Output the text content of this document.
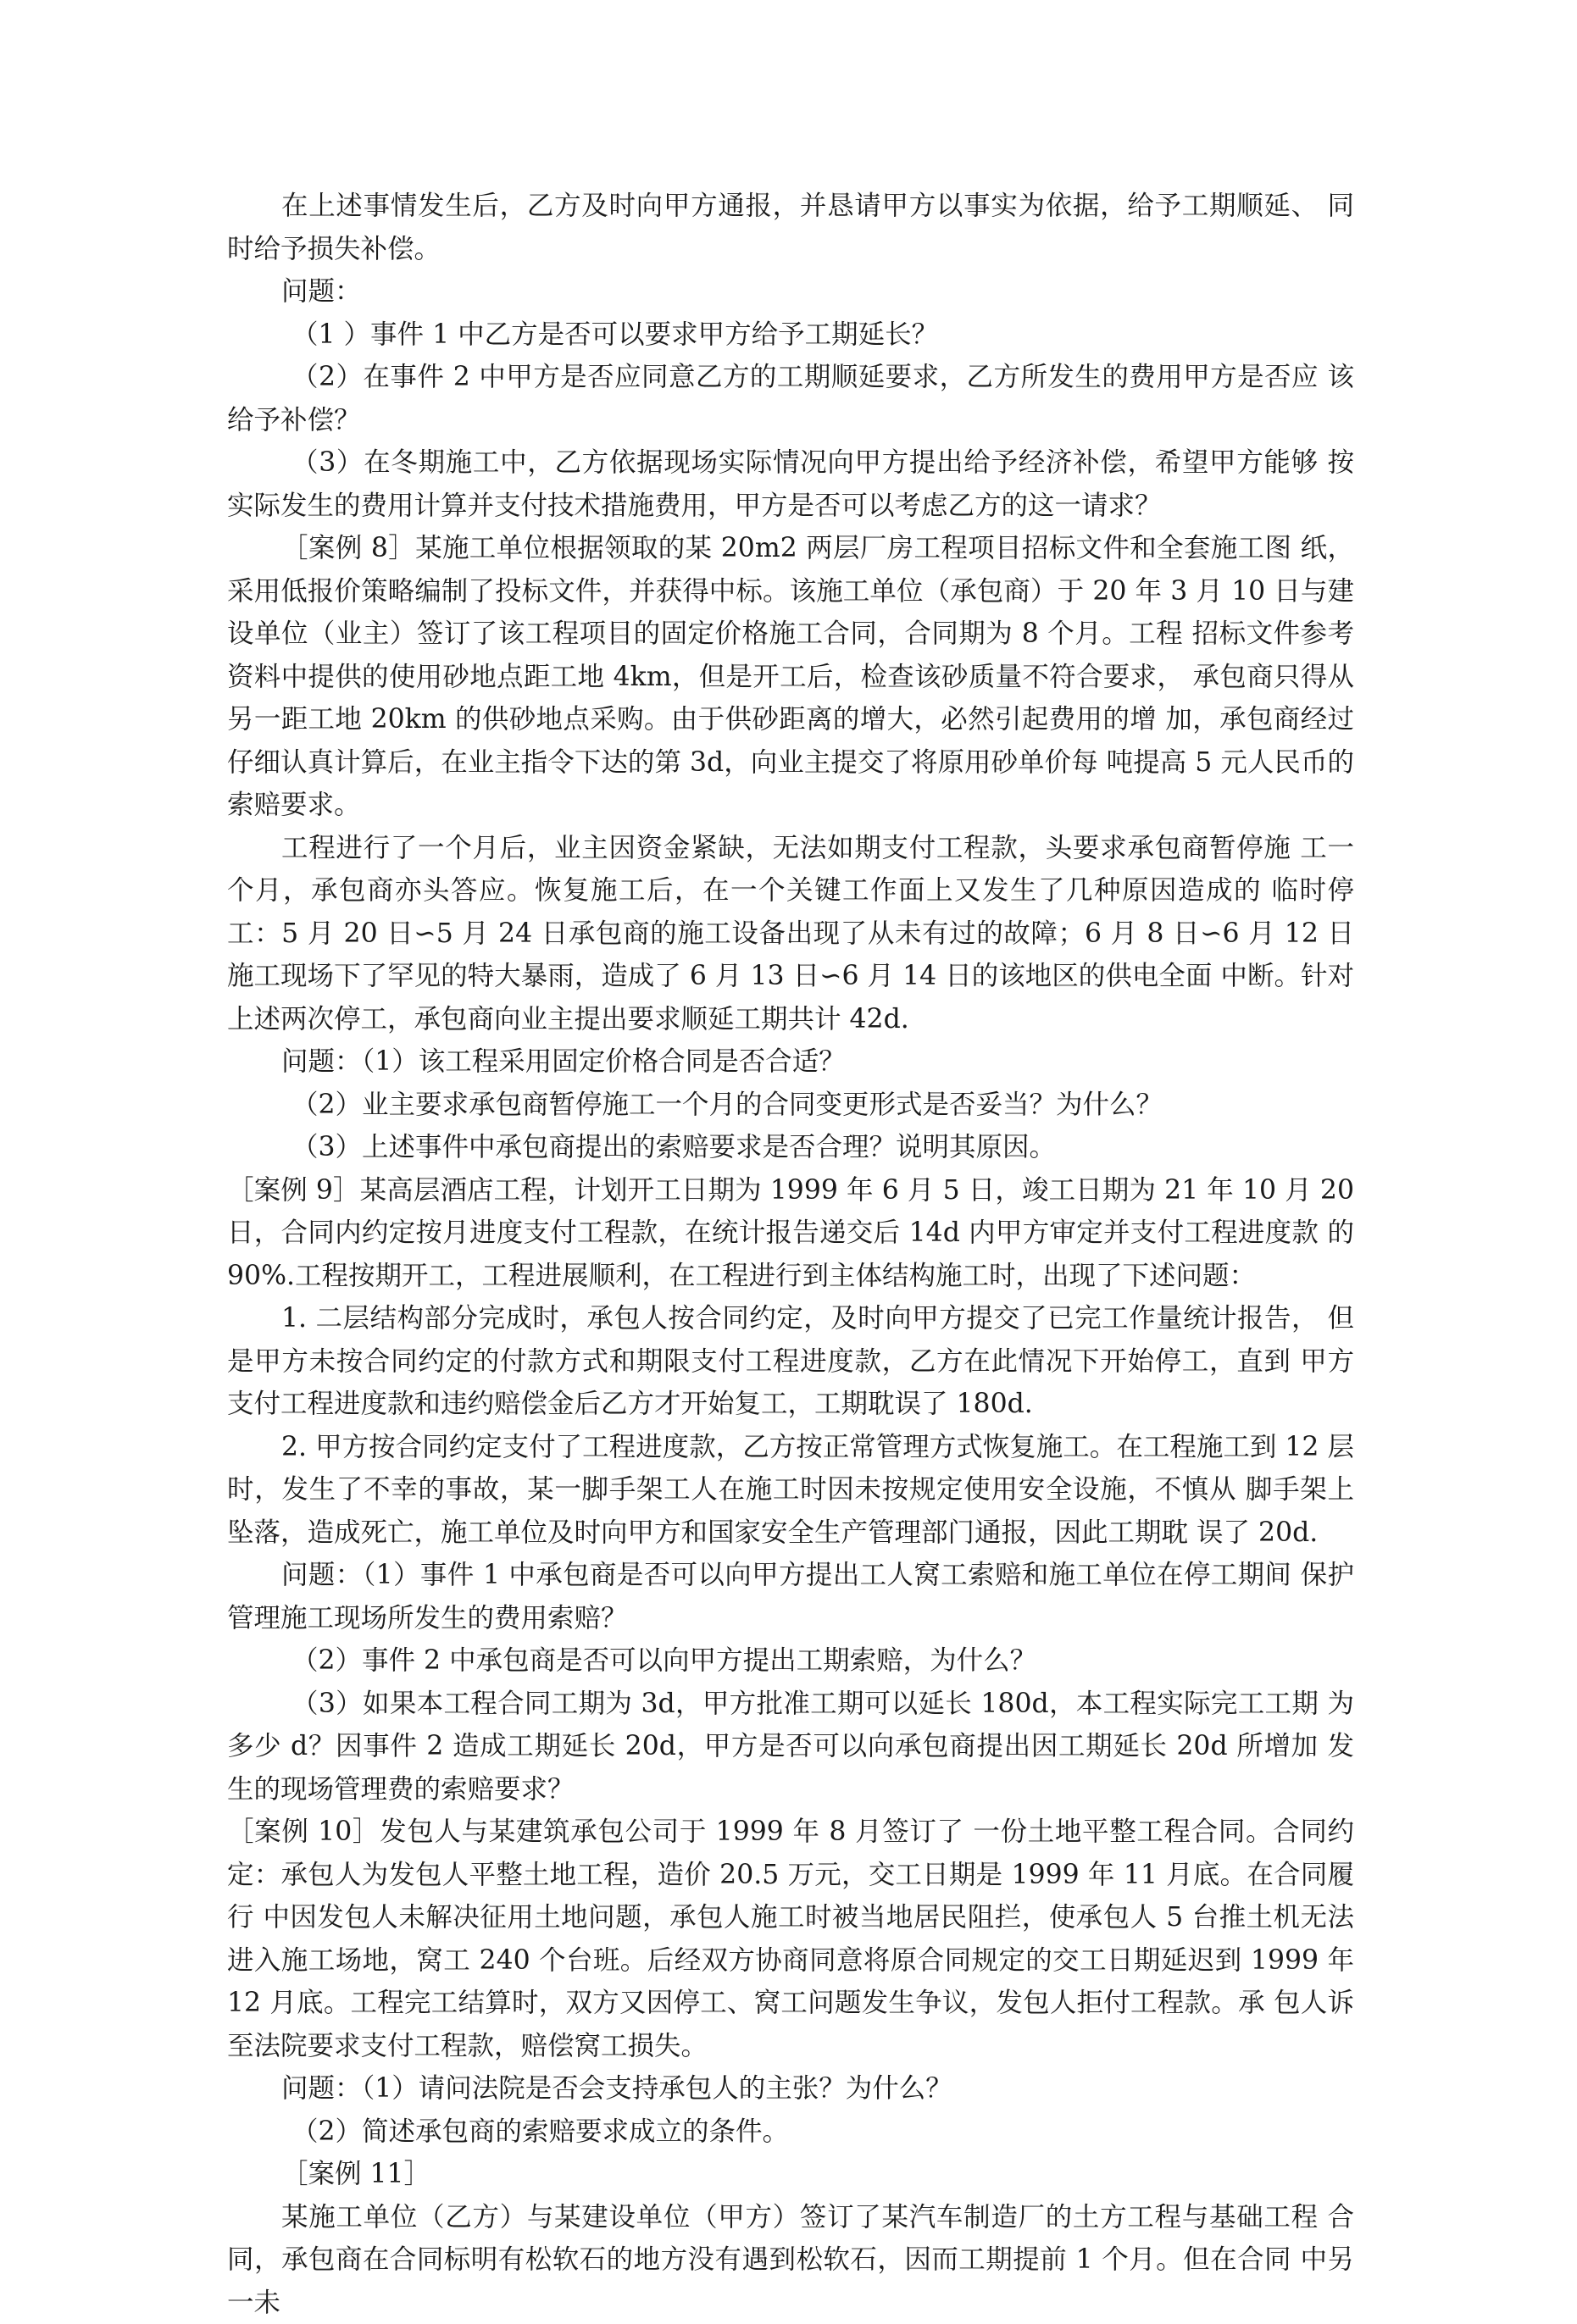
在上述事情发生后，乙方及时向甲方通报，并恳请甲方以事实为依据，给予工期顺延、 同时给予损失补偿。

问题：

（1 ）事件 1 中乙方是否可以要求甲方给予工期延长？

（2）在事件 2 中甲方是否应同意乙方的工期顺延要求，乙方所发生的费用甲方是否应 该给予补偿？

（3）在冬期施工中，乙方依据现场实际情况向甲方提出给予经济补偿，希望甲方能够 按实际发生的费用计算并支付技术措施费用，甲方是否可以考虑乙方的这一请求？

［案例 8］某施工单位根据领取的某 20m2 两层厂房工程项目招标文件和全套施工图 纸，采用低报价策略编制了投标文件，并获得中标。该施工单位（承包商）于 20 年 3 月 10 日与建设单位（业主）签订了该工程项目的固定价格施工合同，合同期为 8 个月。工程 招标文件参考资料中提供的使用砂地点距工地 4km，但是开工后，检查该砂质量不符合要求， 承包商只得从另一距工地 20km 的供砂地点采购。由于供砂距离的增大，必然引起费用的增 加，承包商经过仔细认真计算后，在业主指令下达的第 3d，向业主提交了将原用砂单价每 吨提高 5 元人民币的索赔要求。

工程进行了一个月后，业主因资金紧缺，无法如期支付工程款，头要求承包商暂停施 工一个月，承包商亦头答应。恢复施工后，在一个关键工作面上又发生了几种原因造成的 临时停工：5 月 20 日∽5 月 24 日承包商的施工设备出现了从未有过的故障；6 月 8 日∽6 月 12 日施工现场下了罕见的特大暴雨，造成了 6 月 13 日∽6 月 14 日的该地区的供电全面 中断。针对上述两次停工，承包商向业主提出要求顺延工期共计 42d.

问题：（1）该工程采用固定价格合同是否合适？

（2）业主要求承包商暂停施工一个月的合同变更形式是否妥当？为什么？

（3）上述事件中承包商提出的索赔要求是否合理？说明其原因。

［案例 9］某高层酒店工程，计划开工日期为 1999 年 6 月 5 日，竣工日期为 21 年 10 月 20 日，合同内约定按月进度支付工程款，在统计报告递交后 14d 内甲方审定并支付工程进度款 的 90%.工程按期开工，工程进展顺利，在工程进行到主体结构施工时，出现了下述问题：

1. 二层结构部分完成时，承包人按合同约定，及时向甲方提交了已完工作量统计报告， 但是甲方未按合同约定的付款方式和期限支付工程进度款，乙方在此情况下开始停工，直到 甲方支付工程进度款和违约赔偿金后乙方才开始复工，工期耽误了 180d.

2. 甲方按合同约定支付了工程进度款，乙方按正常管理方式恢复施工。在工程施工到 12 层时，发生了不幸的事故，某一脚手架工人在施工时因未按规定使用安全设施，不慎从 脚手架上坠落，造成死亡，施工单位及时向甲方和国家安全生产管理部门通报，因此工期耽 误了 20d.

问题：（1）事件 1 中承包商是否可以向甲方提出工人窝工索赔和施工单位在停工期间 保护管理施工现场所发生的费用索赔？

（2）事件 2 中承包商是否可以向甲方提出工期索赔，为什么？

（3）如果本工程合同工期为 3d，甲方批准工期可以延长 180d，本工程实际完工工期 为多少 d？因事件 2 造成工期延长 20d，甲方是否可以向承包商提出因工期延长 20d 所增加 发生的现场管理费的索赔要求？

［案例 10］发包人与某建筑承包公司于 1999 年 8 月签订了 一份土地平整工程合同。合同约定：承包人为发包人平整土地工程，造价 20.5 万元，交工日期是 1999 年 11 月底。在合同履行 中因发包人未解决征用土地问题，承包人施工时被当地居民阻拦，使承包人 5 台推土机无法 进入施工场地，窝工 240 个台班。后经双方协商同意将原合同规定的交工日期延迟到 1999 年 12 月底。工程完工结算时，双方又因停工、窝工问题发生争议，发包人拒付工程款。承 包人诉至法院要求支付工程款，赔偿窝工损失。

问题：（1）请问法院是否会支持承包人的主张？为什么？

（2）简述承包商的索赔要求成立的条件。

［案例 11］

某施工单位（乙方）与某建设单位（甲方）签订了某汽车制造厂的土方工程与基础工程 合同，承包商在合同标明有松软石的地方没有遇到松软石，因而工期提前 1 个月。但在合同 中另一未
